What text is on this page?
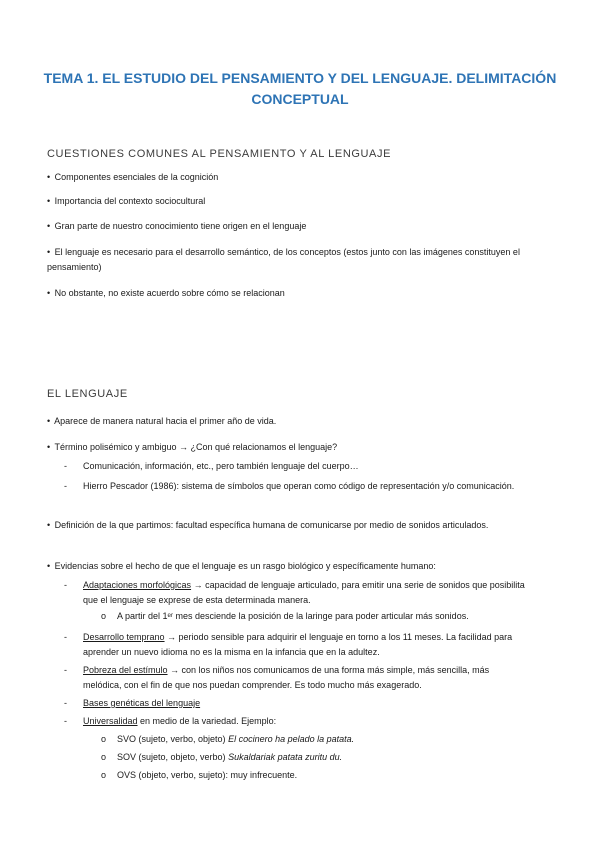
TEMA 1. EL ESTUDIO DEL PENSAMIENTO Y DEL LENGUAJE. DELIMITACIÓN CONCEPTUAL
CUESTIONES COMUNES AL PENSAMIENTO Y AL LENGUAJE
• Componentes esenciales de la cognición
• Importancia del contexto sociocultural
• Gran parte de nuestro conocimiento tiene origen en el lenguaje
• El lenguaje es necesario para el desarrollo semántico, de los conceptos (estos junto con las imágenes constituyen el pensamiento)
• No obstante, no existe acuerdo sobre cómo se relacionan
EL LENGUAJE
• Aparece de manera natural hacia el primer año de vida.
• Término polisémico y ambiguo → ¿Con qué relacionamos el lenguaje?
- Comunicación, información, etc., pero también lenguaje del cuerpo…
- Hierro Pescador (1986): sistema de símbolos que operan como código de representación y/o comunicación.
• Definición de la que partimos: facultad específica humana de comunicarse por medio de sonidos articulados.
• Evidencias sobre el hecho de que el lenguaje es un rasgo biológico y específicamente humano:
- Adaptaciones morfológicas → capacidad de lenguaje articulado, para emitir una serie de sonidos que posibilita que el lenguaje se exprese de esta determinada manera.
o A partir del 1ᵉʳ mes desciende la posición de la laringe para poder articular más sonidos.
- Desarrollo temprano → periodo sensible para adquirir el lenguaje en torno a los 11 meses. La facilidad para aprender un nuevo idioma no es la misma en la infancia que en la adultez.
- Pobreza del estímulo → con los niños nos comunicamos de una forma más simple, más sencilla, más melódica, con el fin de que nos puedan comprender. Es todo mucho más exagerado.
- Bases genéticas del lenguaje
- Universalidad en medio de la variedad. Ejemplo:
o SVO (sujeto, verbo, objeto) El cocinero ha pelado la patata.
o SOV (sujeto, objeto, verbo) Sukaldariak patata zuritu du.
o OVS (objeto, verbo, sujeto): muy infrecuente.
